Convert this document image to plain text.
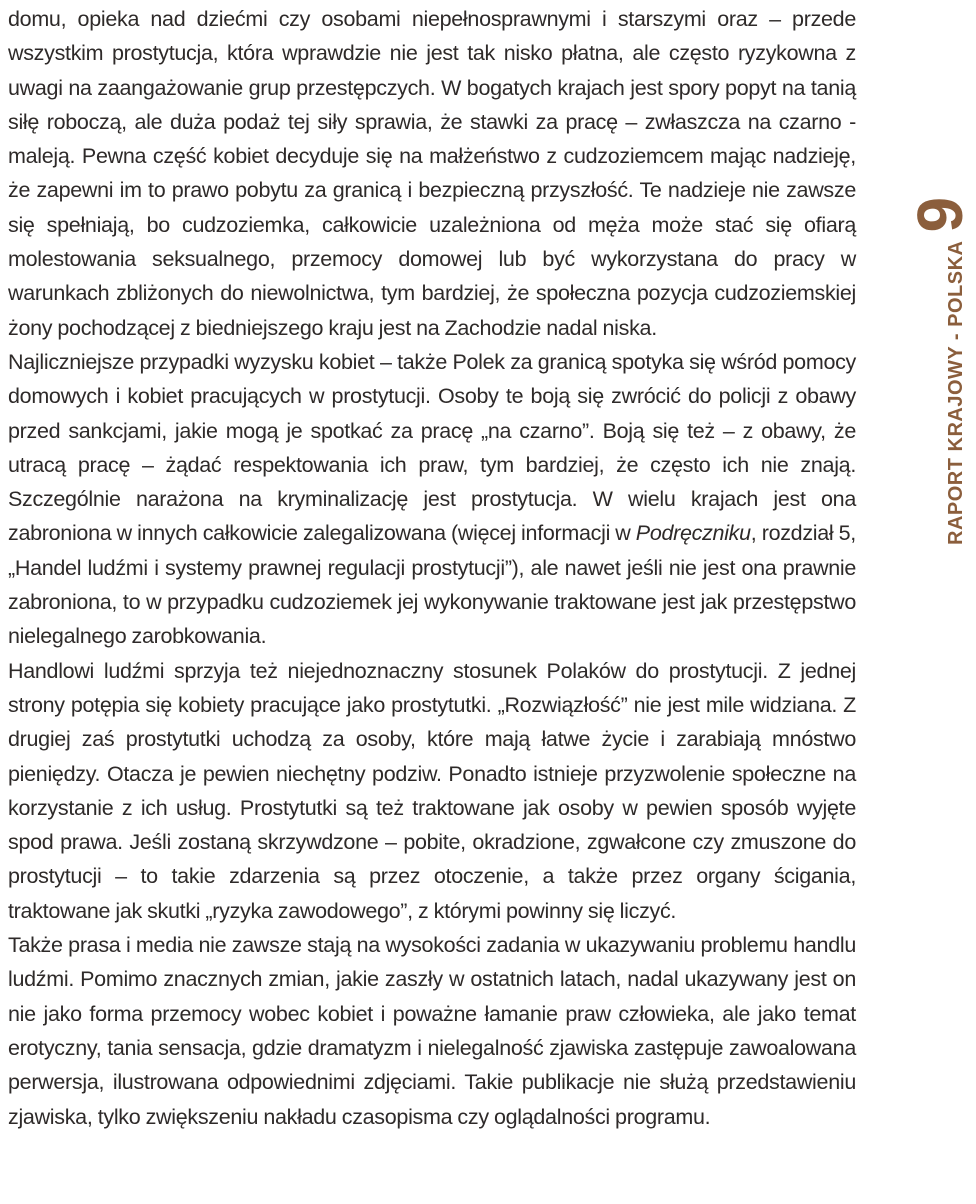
domu, opieka nad dziećmi czy osobami niepełnosprawnymi i starszymi oraz – przede wszystkim prostytucja, która wprawdzie nie jest tak nisko płatna, ale często ryzykowna z uwagi na zaangażowanie grup przestępczych. W bogatych krajach jest spory popyt na tanią siłę roboczą, ale duża podaż tej siły sprawia, że stawki za pracę – zwłaszcza na czarno - maleją. Pewna część kobiet decyduje się na małżeństwo z cudzoziemcem mając nadzieję, że zapewni im to prawo pobytu za granicą i bezpieczną przyszłość. Te nadzieje nie zawsze się spełniają, bo cudzoziemka, całkowicie uzależniona od męża może stać się ofiarą molestowania seksualnego, przemocy domowej lub być wykorzystana do pracy w warunkach zbliżonych do niewolnictwa, tym bardziej, że społeczna pozycja cudzoziemskiej żony pochodzącej z biedniejszego kraju jest na Zachodzie nadal niska.

Najliczniejsze przypadki wyzysku kobiet – także Polek za granicą spotyka się wśród pomocy domowych i kobiet pracujących w prostytucji. Osoby te boją się zwrócić do policji z obawy przed sankcjami, jakie mogą je spotkać za pracę „na czarno”. Boją się też – z obawy, że utracą pracę – żądać respektowania ich praw, tym bardziej, że często ich nie znają. Szczególnie narażona na kryminalizację jest prostytucja. W wielu krajach jest ona zabroniona w innych całkowicie zalegalizowana (więcej informacji w Podręczniku, rozdział 5, „Handel ludźmi i systemy prawnej regulacji prostytucji”), ale nawet jeśli nie jest ona prawnie zabroniona, to w przypadku cudzoziemek jej wykonywanie traktowane jest jak przestępstwo nielegalnego zarobkowania.

Handlowi ludźmi sprzyja też niejednoznaczny stosunek Polaków do prostytucji. Z jednej strony potępia się kobiety pracujące jako prostytutki. „Rozwiązłość” nie jest mile widziana. Z drugiej zaś prostytutki uchodzą za osoby, które mają łatwe życie i zarabiają mnóstwo pieniędzy. Otacza je pewien niechętny podziw. Ponadto istnieje przyzwolenie społeczne na korzystanie z ich usług. Prostytutki są też traktowane jak osoby w pewien sposób wyjęte spod prawa. Jeśli zostaną skrzywdzone – pobite, okradzione, zgwałcone czy zmuszone do prostytucji – to takie zdarzenia są przez otoczenie, a także przez organy ścigania, traktowane jak skutki „ryzyka zawodowego”, z którymi powinny się liczyć.

Także prasa i media nie zawsze stają na wysokości zadania w ukazywaniu problemu handlu ludźmi. Pomimo znacznych zmian, jakie zaszły w ostatnich latach, nadal ukazywany jest on nie jako forma przemocy wobec kobiet i poważne łamanie praw człowieka, ale jako temat erotyczny, tania sensacja, gdzie dramatyzm i nielegalność zjawiska zastępuje zawoalowana perwersja, ilustrowana odpowiednimi zdjęciami. Takie publikacje nie służą przedstawieniu zjawiska, tylko zwiększeniu nakładu czasopisma czy oglądalności programu.

RAPORT KRAJOWY - POLSKA
9
